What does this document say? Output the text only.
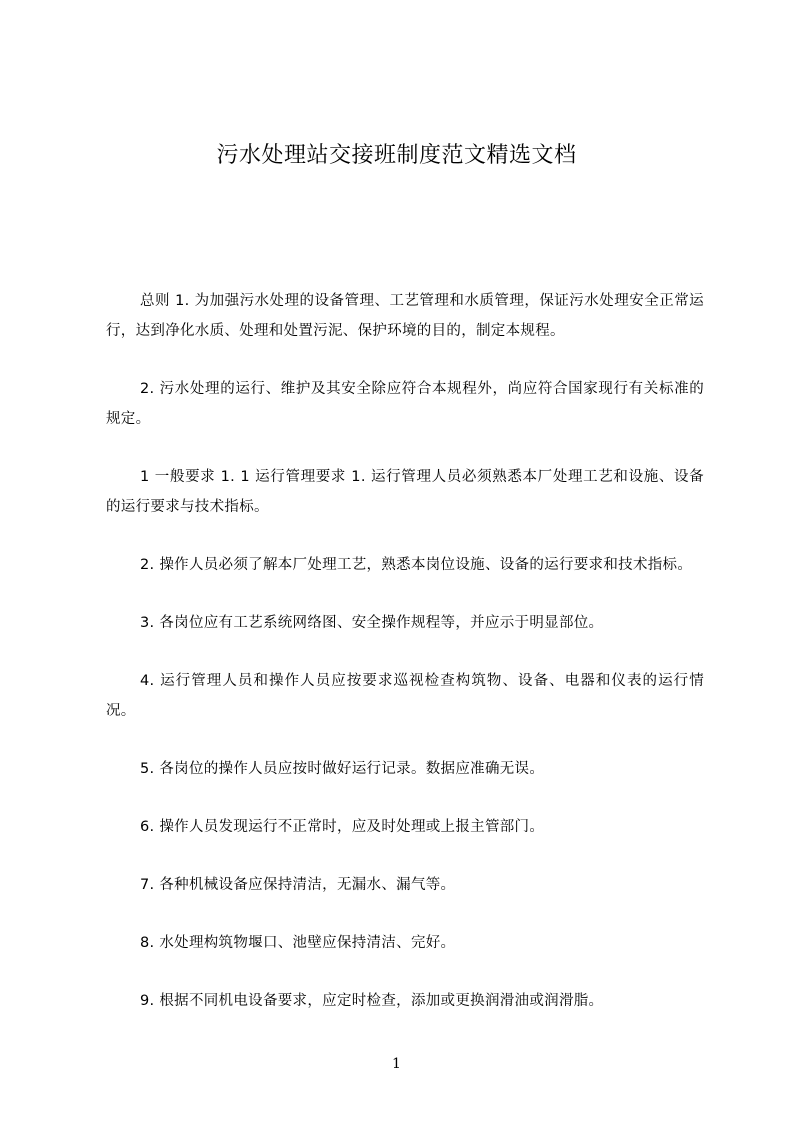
污水处理站交接班制度范文精选文档

总则 1. 为加强污水处理的设备管理、工艺管理和水质管理，保证污水处理安全正常运行，达到净化水质、处理和处置污泥、保护环境的目的，制定本规程。

2. 污水处理的运行、维护及其安全除应符合本规程外，尚应符合国家现行有关标准的规定。

1 一般要求 1. 1 运行管理要求 1. 运行管理人员必须熟悉本厂处理工艺和设施、设备的运行要求与技术指标。

2. 操作人员必须了解本厂处理工艺，熟悉本岗位设施、设备的运行要求和技术指标。

3. 各岗位应有工艺系统网络图、安全操作规程等，并应示于明显部位。

4. 运行管理人员和操作人员应按要求巡视检查构筑物、设备、电器和仪表的运行情况。

5. 各岗位的操作人员应按时做好运行记录。数据应准确无误。

6. 操作人员发现运行不正常时，应及时处理或上报主管部门。

7. 各种机械设备应保持清洁，无漏水、漏气等。

8. 水处理构筑物堰口、池壁应保持清洁、完好。

9. 根据不同机电设备要求，应定时检查，添加或更换润滑油或润滑脂。

1
